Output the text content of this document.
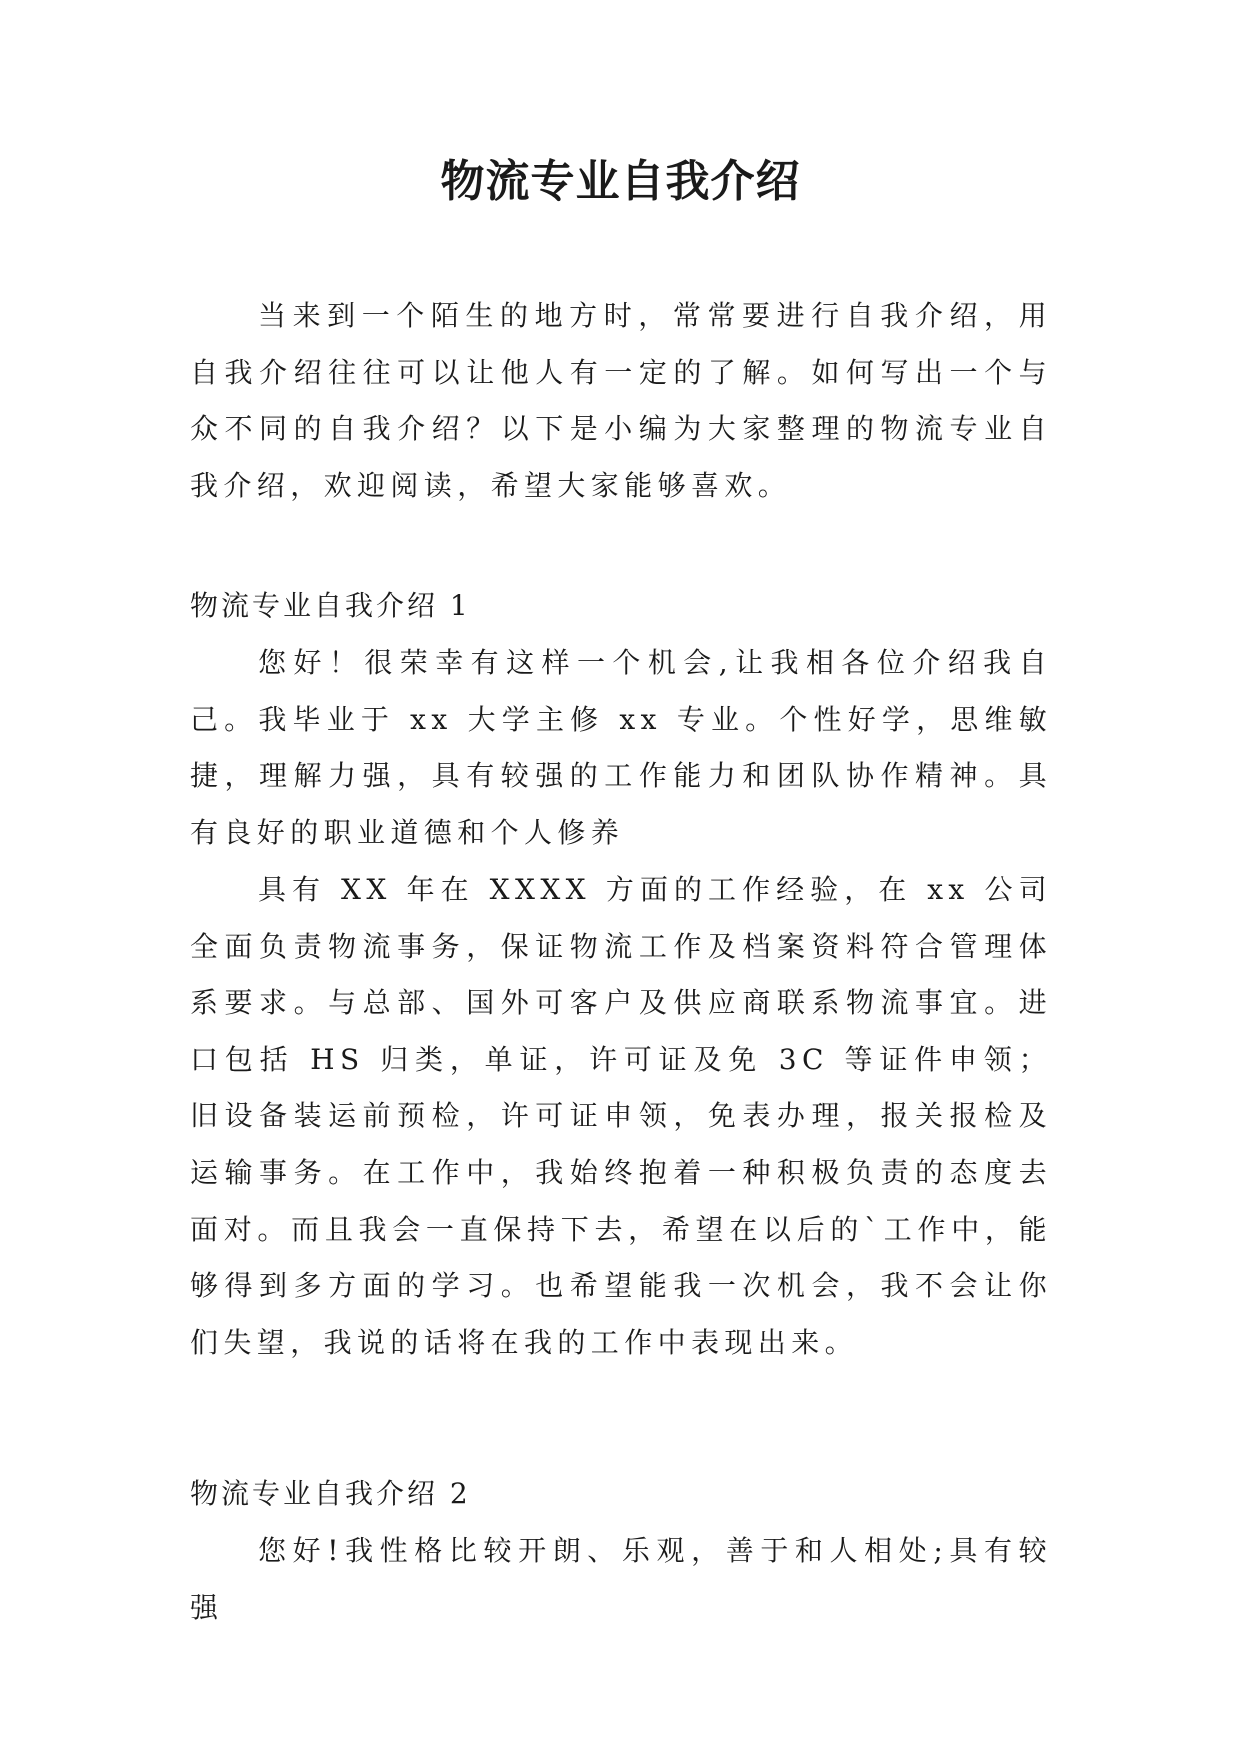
物流专业自我介绍

当来到一个陌生的地方时，常常要进行自我介绍，用自我介绍往往可以让他人有一定的了解。如何写出一个与众不同的自我介绍？以下是小编为大家整理的物流专业自我介绍，欢迎阅读，希望大家能够喜欢。

物流专业自我介绍 1

您好！很荣幸有这样一个机会,让我相各位介绍我自己。我毕业于 xx 大学主修 xx 专业。个性好学，思维敏捷，理解力强，具有较强的工作能力和团队协作精神。具有良好的职业道德和个人修养

具有 XX 年在 XXXX 方面的工作经验，在 xx 公司全面负责物流事务，保证物流工作及档案资料符合管理体系要求。与总部、国外可客户及供应商联系物流事宜。进口包括 HS 归类，单证，许可证及免 3C 等证件申领；旧设备装运前预检，许可证申领，免表办理，报关报检及运输事务。在工作中，我始终抱着一种积极负责的态度去面对。而且我会一直保持下去，希望在以后的`工作中，能够得到多方面的学习。也希望能我一次机会，我不会让你们失望，我说的话将在我的工作中表现出来。

物流专业自我介绍 2

您好!我性格比较开朗、乐观，善于和人相处;具有较强
